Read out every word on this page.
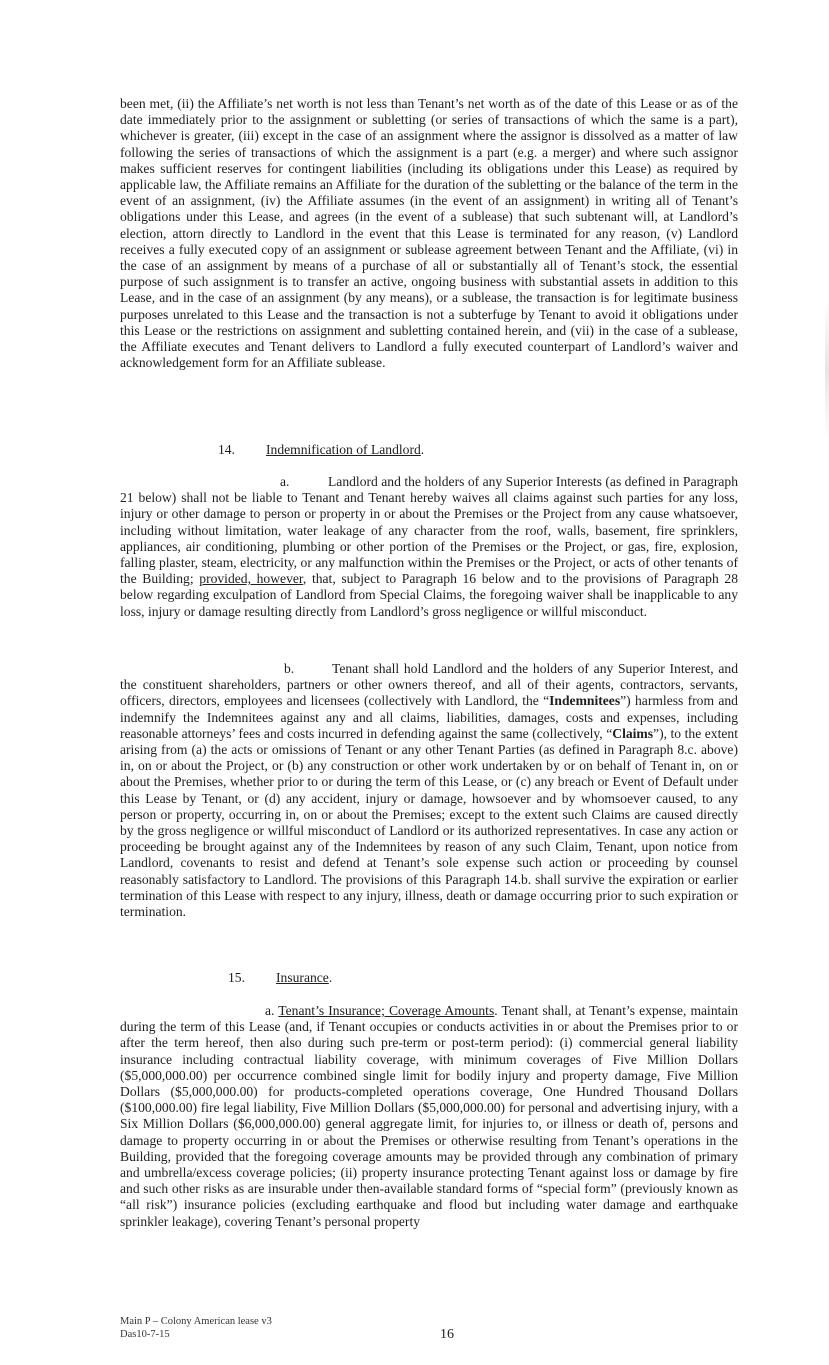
been met, (ii) the Affiliate’s net worth is not less than Tenant’s net worth as of the date of this Lease or as of the date immediately prior to the assignment or subletting (or series of transactions of which the same is a part), whichever is greater, (iii) except in the case of an assignment where the assignor is dissolved as a matter of law following the series of transactions of which the assignment is a part (e.g. a merger) and where such assignor makes sufficient reserves for contingent liabilities (including its obligations under this Lease) as required by applicable law, the Affiliate remains an Affiliate for the duration of the subletting or the balance of the term in the event of an assignment, (iv) the Affiliate assumes (in the event of an assignment) in writing all of Tenant’s obligations under this Lease, and agrees (in the event of a sublease) that such subtenant will, at Landlord’s election, attorn directly to Landlord in the event that this Lease is terminated for any reason, (v) Landlord receives a fully executed copy of an assignment or sublease agreement between Tenant and the Affiliate, (vi) in the case of an assignment by means of a purchase of all or substantially all of Tenant’s stock, the essential purpose of such assignment is to transfer an active, ongoing business with substantial assets in addition to this Lease, and in the case of an assignment (by any means), or a sublease, the transaction is for legitimate business purposes unrelated to this Lease and the transaction is not a subterfuge by Tenant to avoid it obligations under this Lease or the restrictions on assignment and subletting contained herein, and (vii) in the case of a sublease, the Affiliate executes and Tenant delivers to Landlord a fully executed counterpart of Landlord’s waiver and acknowledgement form for an Affiliate sublease.

14. Indemnification of Landlord.

a.	Landlord and the holders of any Superior Interests (as defined in Paragraph 21 below) shall not be liable to Tenant and Tenant hereby waives all claims against such parties for any loss, injury or other damage to person or property in or about the Premises or the Project from any cause whatsoever, including without limitation, water leakage of any character from the roof, walls, basement, fire sprinklers, appliances, air conditioning, plumbing or other portion of the Premises or the Project, or gas, fire, explosion, falling plaster, steam, electricity, or any malfunction within the Premises or the Project, or acts of other tenants of the Building; provided, however, that, subject to Paragraph 16 below and to the provisions of Paragraph 28 below regarding exculpation of Landlord from Special Claims, the foregoing waiver shall be inapplicable to any loss, injury or damage resulting directly from Landlord’s gross negligence or willful misconduct.

b.	Tenant shall hold Landlord and the holders of any Superior Interest, and the constituent shareholders, partners or other owners thereof, and all of their agents, contractors, servants, officers, directors, employees and licensees (collectively with Landlord, the “Indemnitees”) harmless from and indemnify the Indemnitees against any and all claims, liabilities, damages, costs and expenses, including reasonable attorneys’ fees and costs incurred in defending against the same (collectively, “Claims”), to the extent arising from (a) the acts or omissions of Tenant or any other Tenant Parties (as defined in Paragraph 8.c. above) in, on or about the Project, or (b) any construction or other work undertaken by or on behalf of Tenant in, on or about the Premises, whether prior to or during the term of this Lease, or (c) any breach or Event of Default under this Lease by Tenant, or (d) any accident, injury or damage, howsoever and by whomsoever caused, to any person or property, occurring in, on or about the Premises; except to the extent such Claims are caused directly by the gross negligence or willful misconduct of Landlord or its authorized representatives. In case any action or proceeding be brought against any of the Indemnitees by reason of any such Claim, Tenant, upon notice from Landlord, covenants to resist and defend at Tenant’s sole expense such action or proceeding by counsel reasonably satisfactory to Landlord. The provisions of this Paragraph 14.b. shall survive the expiration or earlier termination of this Lease with respect to any injury, illness, death or damage occurring prior to such expiration or termination.

15. Insurance.

a. Tenant’s Insurance; Coverage Amounts. Tenant shall, at Tenant’s expense, maintain during the term of this Lease (and, if Tenant occupies or conducts activities in or about the Premises prior to or after the term hereof, then also during such pre-term or post-term period): (i) commercial general liability insurance including contractual liability coverage, with minimum coverages of Five Million Dollars ($5,000,000.00) per occurrence combined single limit for bodily injury and property damage, Five Million Dollars ($5,000,000.00) for products-completed operations coverage, One Hundred Thousand Dollars ($100,000.00) fire legal liability, Five Million Dollars ($5,000,000.00) for personal and advertising injury, with a Six Million Dollars ($6,000,000.00) general aggregate limit, for injuries to, or illness or death of, persons and damage to property occurring in or about the Premises or otherwise resulting from Tenant’s operations in the Building, provided that the foregoing coverage amounts may be provided through any combination of primary and umbrella/excess coverage policies; (ii) property insurance protecting Tenant against loss or damage by fire and such other risks as are insurable under then-available standard forms of “special form” (previously known as “all risk”) insurance policies (excluding earthquake and flood but including water damage and earthquake sprinkler leakage), covering Tenant’s personal property

Main P – Colony American lease v3
Das10-7-15	16
